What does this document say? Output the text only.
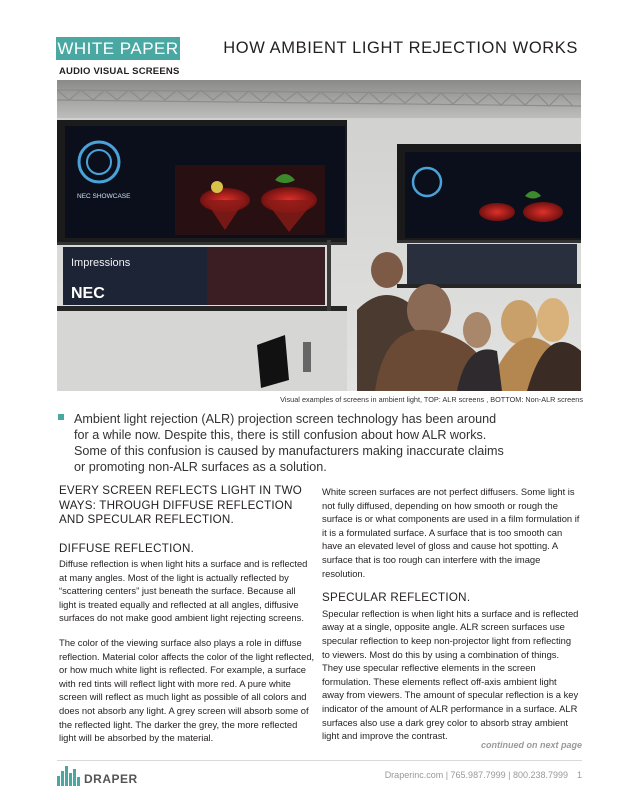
WHITE PAPER
AUDIO VISUAL SCREENS
HOW AMBIENT LIGHT REJECTION WORKS
NEC SHOWCASE
Impressions
NEC
Visual examples of screens in ambient light, TOP: ALR screens , BOTTOM: Non-ALR screens
Ambient light rejection (ALR) projection screen technology has been around for a while now. Despite this, there is still confusion about how ALR works. Some of this confusion is caused by manufacturers making inaccurate claims or promoting non-ALR surfaces as a solution.
EVERY SCREEN REFLECTS LIGHT IN TWO WAYS: THROUGH DIFFUSE REFLECTION AND SPECULAR REFLECTION.
DIFFUSE REFLECTION.

Diffuse reflection is when light hits a surface and is reflected at many angles. Most of the light is actually reflected by “scattering centers” just beneath the surface. Because all light is treated equally and reflected at all angles, diffusive surfaces do not make good ambient light rejecting screens.

The color of the viewing surface also plays a role in diffuse reflection. Material color affects the color of the light reflected, or how much white light is reflected. For example, a surface with red tints will reflect light with more red. A pure white screen will reflect as much light as possible of all colors and does not absorb any light. A grey screen will absorb some of the reflected light. The darker the grey, the more reflected light will be absorbed by the material.

White screen surfaces are not perfect diffusers. Some light is not fully diffused, depending on how smooth or rough the surface is or what components are used in a film formulation if it is a formulated surface. A surface that is too smooth can have an elevated level of gloss and cause hot spotting. A surface that is too rough can interfere with the image resolution.

SPECULAR REFLECTION.

Specular reflection is when light hits a surface and is reflected away at a single, opposite angle. ALR screen surfaces use specular reflection to keep non-projector light from reflecting to viewers. Most do this by using a combination of things. They use specular reflective elements in the screen formulation. These elements reflect off-axis ambient light away from viewers. The amount of specular reflection is a key indicator of the amount of ALR performance in a surface. ALR surfaces also use a dark grey color to absorb stray ambient light and improve the contrast.

continued on next page
DRAPER	Draperinc.com | 765.987.7999 | 800.238.7999 1
